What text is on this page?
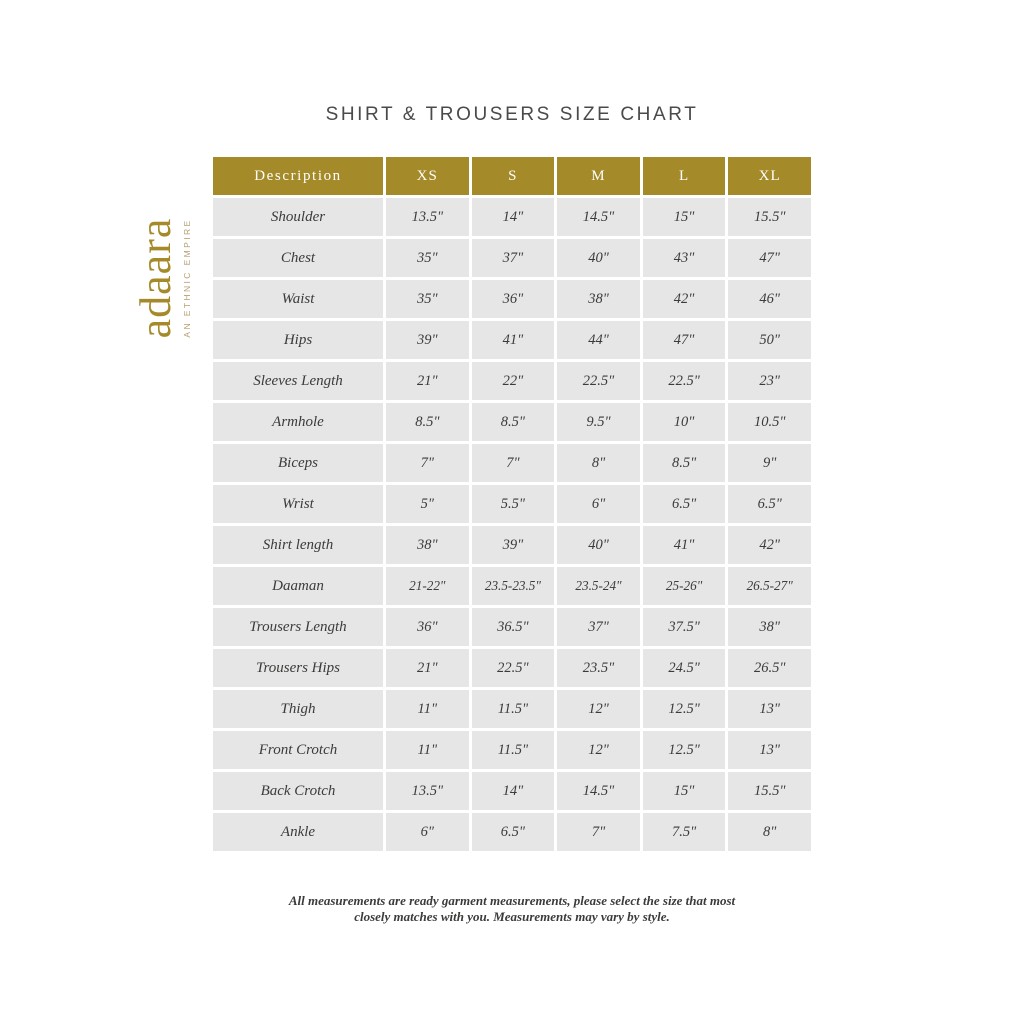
SHIRT & TROUSERS SIZE CHART
adaara AN ETHNIC EMPIRE
Description	XS	S	M	L	XL
Shoulder	13.5"	14"	14.5"	15"	15.5"
Chest	35"	37"	40"	43"	47"
Waist	35"	36"	38"	42"	46"
Hips	39"	41"	44"	47"	50"
Sleeves Length	21"	22"	22.5"	22.5"	23"
Armhole	8.5"	8.5"	9.5"	10"	10.5"
Biceps	7"	7"	8"	8.5"	9"
Wrist	5"	5.5"	6"	6.5"	6.5"
Shirt length	38"	39"	40"	41"	42"
Daaman	21-22"	23.5-23.5"	23.5-24"	25-26"	26.5-27"
Trousers Length	36"	36.5"	37"	37.5"	38"
Trousers Hips	21"	22.5"	23.5"	24.5"	26.5"
Thigh	11"	11.5"	12"	12.5"	13"
Front Crotch	11"	11.5"	12"	12.5"	13"
Back Crotch	13.5"	14"	14.5"	15"	15.5"
Ankle	6"	6.5"	7"	7.5"	8"
All measurements are ready garment measurements, please select the size that most
closely matches with you. Measurements may vary by style.
